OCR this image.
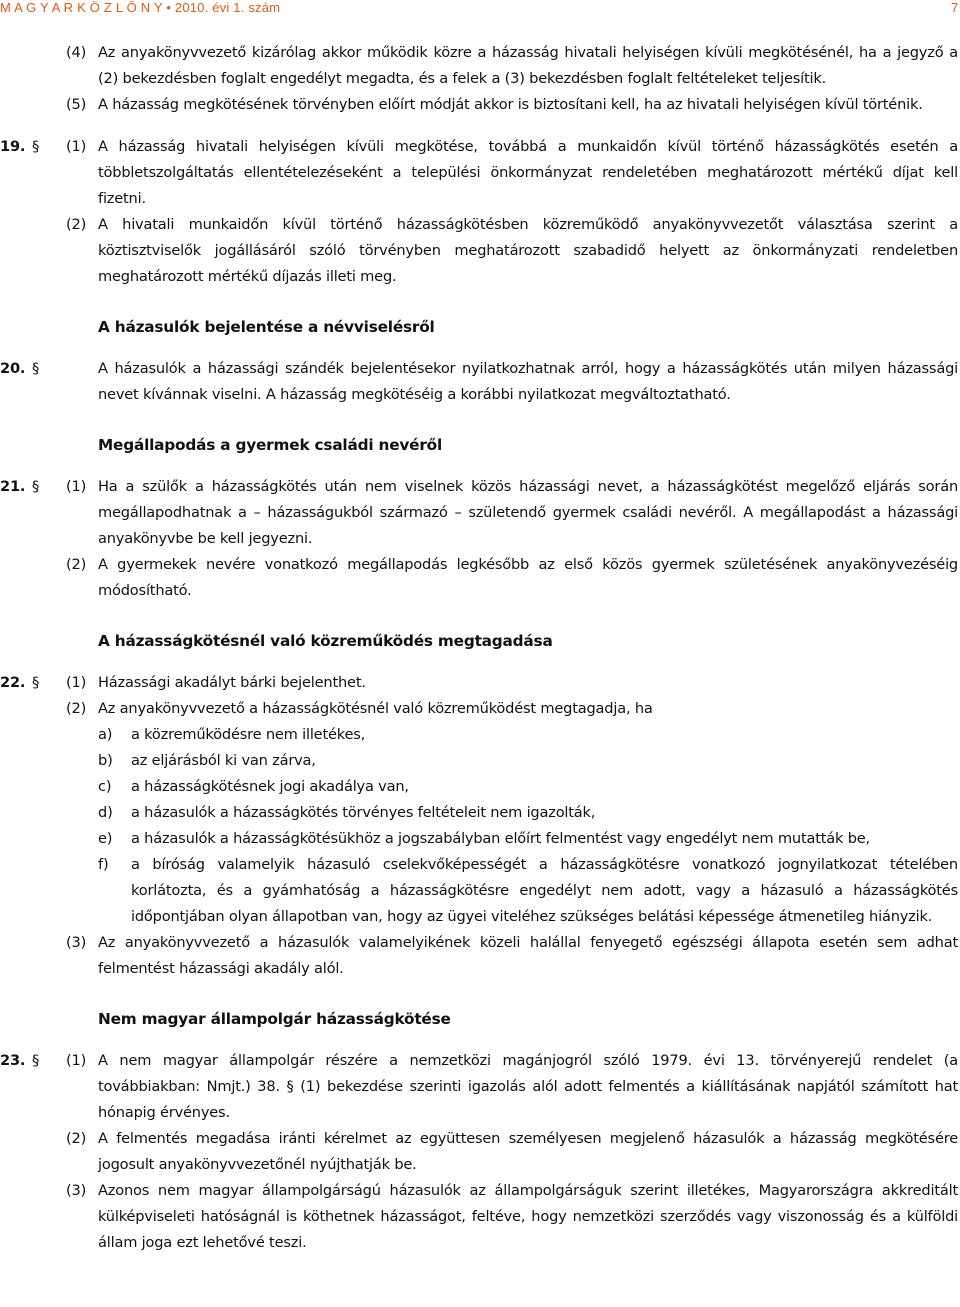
M A G Y A R K Ö Z L Ö N Y • 2010. évi 1. szám	7
(4) Az anyakönyvvezető kizárólag akkor működik közre a házasság hivatali helyiségen kívüli megkötésénél, ha a jegyző a (2) bekezdésben foglalt engedélyt megadta, és a felek a (3) bekezdésben foglalt feltételeket teljesítik.
(5) A házasság megkötésének törvényben előírt módját akkor is biztosítani kell, ha az hivatali helyiségen kívül történik.
19. § (1) A házasság hivatali helyiségen kívüli megkötése, továbbá a munkaidőn kívül történő házasságkötés esetén a többletszolgáltatás ellentételezéseként a települési önkormányzat rendeletében meghatározott mértékű díjat kell fizetni.
(2) A hivatali munkaidőn kívül történő házasságkötésben közreműködő anyakönyvvezetőt választása szerint a köztisztviselők jogállásáról szóló törvényben meghatározott szabadidő helyett az önkormányzati rendeletben meghatározott mértékű díjazás illeti meg.
A házasulók bejelentése a névviselésről
20. §	A házasulók a házassági szándék bejelentésekor nyilatkozhatnak arról, hogy a házasságkötés után milyen házassági nevet kívánnak viselni. A házasság megkötéséig a korábbi nyilatkozat megváltoztatható.
Megállapodás a gyermek családi nevéről
21. § (1) Ha a szülők a házasságkötés után nem viselnek közös házassági nevet, a házasságkötést megelőző eljárás során megállapodhatnak a – házasságukból származó – születendő gyermek családi nevéről. A megállapodást a házassági anyakönyvbe be kell jegyezni.
(2) A gyermekek nevére vonatkozó megállapodás legkésőbb az első közös gyermek születésének anyakönyvezéséig módosítható.
A házasságkötésnél való közreműködés megtagadása
22. § (1) Házassági akadályt bárki bejelenthet.
(2) Az anyakönyvvezető a házasságkötésnél való közreműködést megtagadja, ha
a) a közreműködésre nem illetékes,
b) az eljárásból ki van zárva,
c) a házasságkötésnek jogi akadálya van,
d) a házasulók a házasságkötés törvényes feltételeit nem igazolták,
e) a házasulók a házasságkötésükhöz a jogszabályban előírt felmentést vagy engedélyt nem mutatták be,
f) a bíróság valamelyik házasuló cselekvőképességét a házasságkötésre vonatkozó jognyilatkozat tételében korlátozta, és a gyámhatóság a házasságkötésre engedélyt nem adott, vagy a házasuló a házasságkötés időpontjában olyan állapotban van, hogy az ügyei viteléhez szükséges belátási képessége átmenetileg hiányzik.
(3) Az anyakönyvvezető a házasulók valamelyikének közeli halállal fenyegető egészségi állapota esetén sem adhat felmentést házassági akadály alól.
Nem magyar állampolgár házasságkötése
23. § (1) A nem magyar állampolgár részére a nemzetközi magánjogról szóló 1979. évi 13. törvényerejű rendelet (a továbbiakban: Nmjt.) 38. § (1) bekezdése szerinti igazolás alól adott felmentés a kiállításának napjától számított hat hónapig érvényes.
(2) A felmentés megadása iránti kérelmet az együttesen személyesen megjelenő házasulók a házasság megkötésére jogosult anyakönyvvezetőnél nyújthatják be.
(3) Azonos nem magyar állampolgárságú házasulók az állampolgárságuk szerint illetékes, Magyarországra akkreditált külképviseleti hatóságnál is köthetnek házasságot, feltéve, hogy nemzetközi szerződés vagy viszonosság és a külföldi állam joga ezt lehetővé teszi.
